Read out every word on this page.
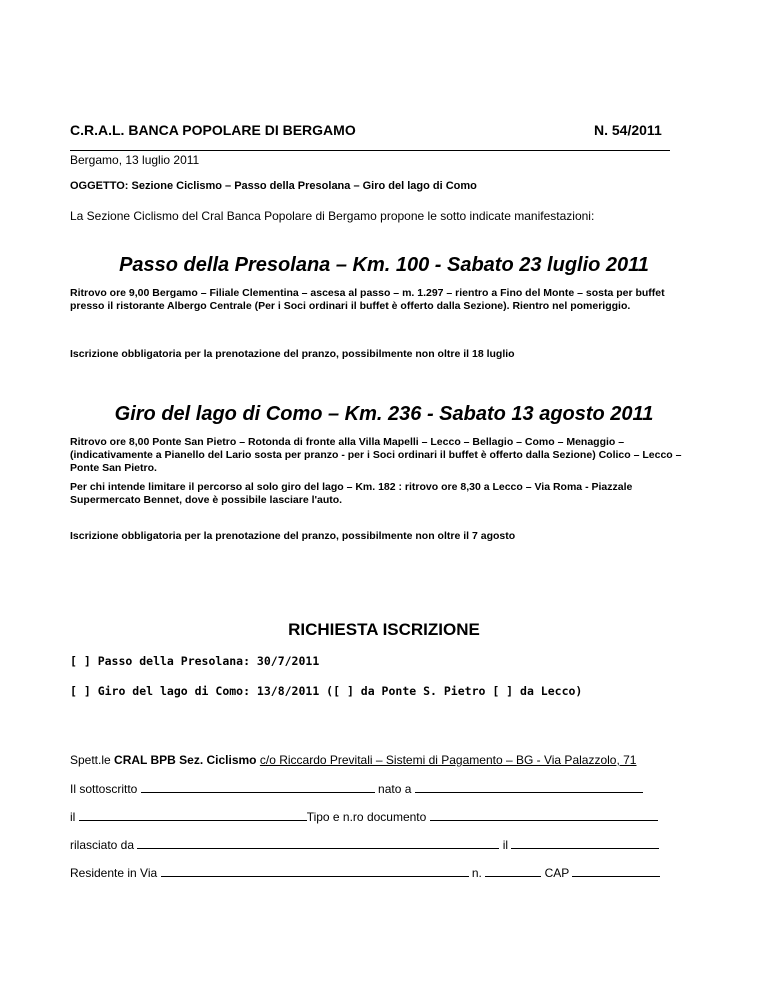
C.R.A.L. BANCA POPOLARE DI BERGAMO	N. 54/2011
Bergamo, 13 luglio 2011
OGGETTO: Sezione Ciclismo – Passo della Presolana – Giro del lago di Como
La Sezione Ciclismo del Cral Banca Popolare di Bergamo propone le sotto indicate manifestazioni:
Passo della Presolana – Km. 100 - Sabato 23 luglio 2011
Ritrovo ore 9,00 Bergamo – Filiale Clementina – ascesa al passo – m. 1.297 – rientro a Fino del Monte – sosta per buffet presso il ristorante Albergo Centrale (Per i Soci ordinari il buffet è offerto dalla Sezione). Rientro nel pomeriggio.
Iscrizione obbligatoria per la prenotazione del pranzo, possibilmente non oltre il 18 luglio
Giro del lago di Como – Km. 236 - Sabato 13 agosto 2011
Ritrovo ore 8,00 Ponte San Pietro – Rotonda di fronte alla Villa Mapelli – Lecco – Bellagio – Como – Menaggio – (indicativamente a Pianello del Lario sosta per pranzo - per i Soci ordinari il buffet è offerto dalla Sezione) Colico – Lecco – Ponte San Pietro.
Per chi intende limitare il percorso al solo giro del lago – Km. 182 : ritrovo ore 8,30 a Lecco – Via Roma - Piazzale Supermercato Bennet, dove è possibile lasciare l'auto.
Iscrizione obbligatoria per la prenotazione del pranzo, possibilmente non oltre il 7 agosto
RICHIESTA ISCRIZIONE
[ ] Passo della Presolana: 30/7/2011
[ ] Giro del lago di Como: 13/8/2011 ([ ] da Ponte S. Pietro [ ] da Lecco)
Spett.le CRAL BPB Sez. Ciclismo c/o Riccardo Previtali – Sistemi di Pagamento – BG - Via Palazzolo, 71
Il sottoscritto	nato a
il	Tipo e n.ro documento
rilasciato da	il
Residente in Via	n.	CAP
